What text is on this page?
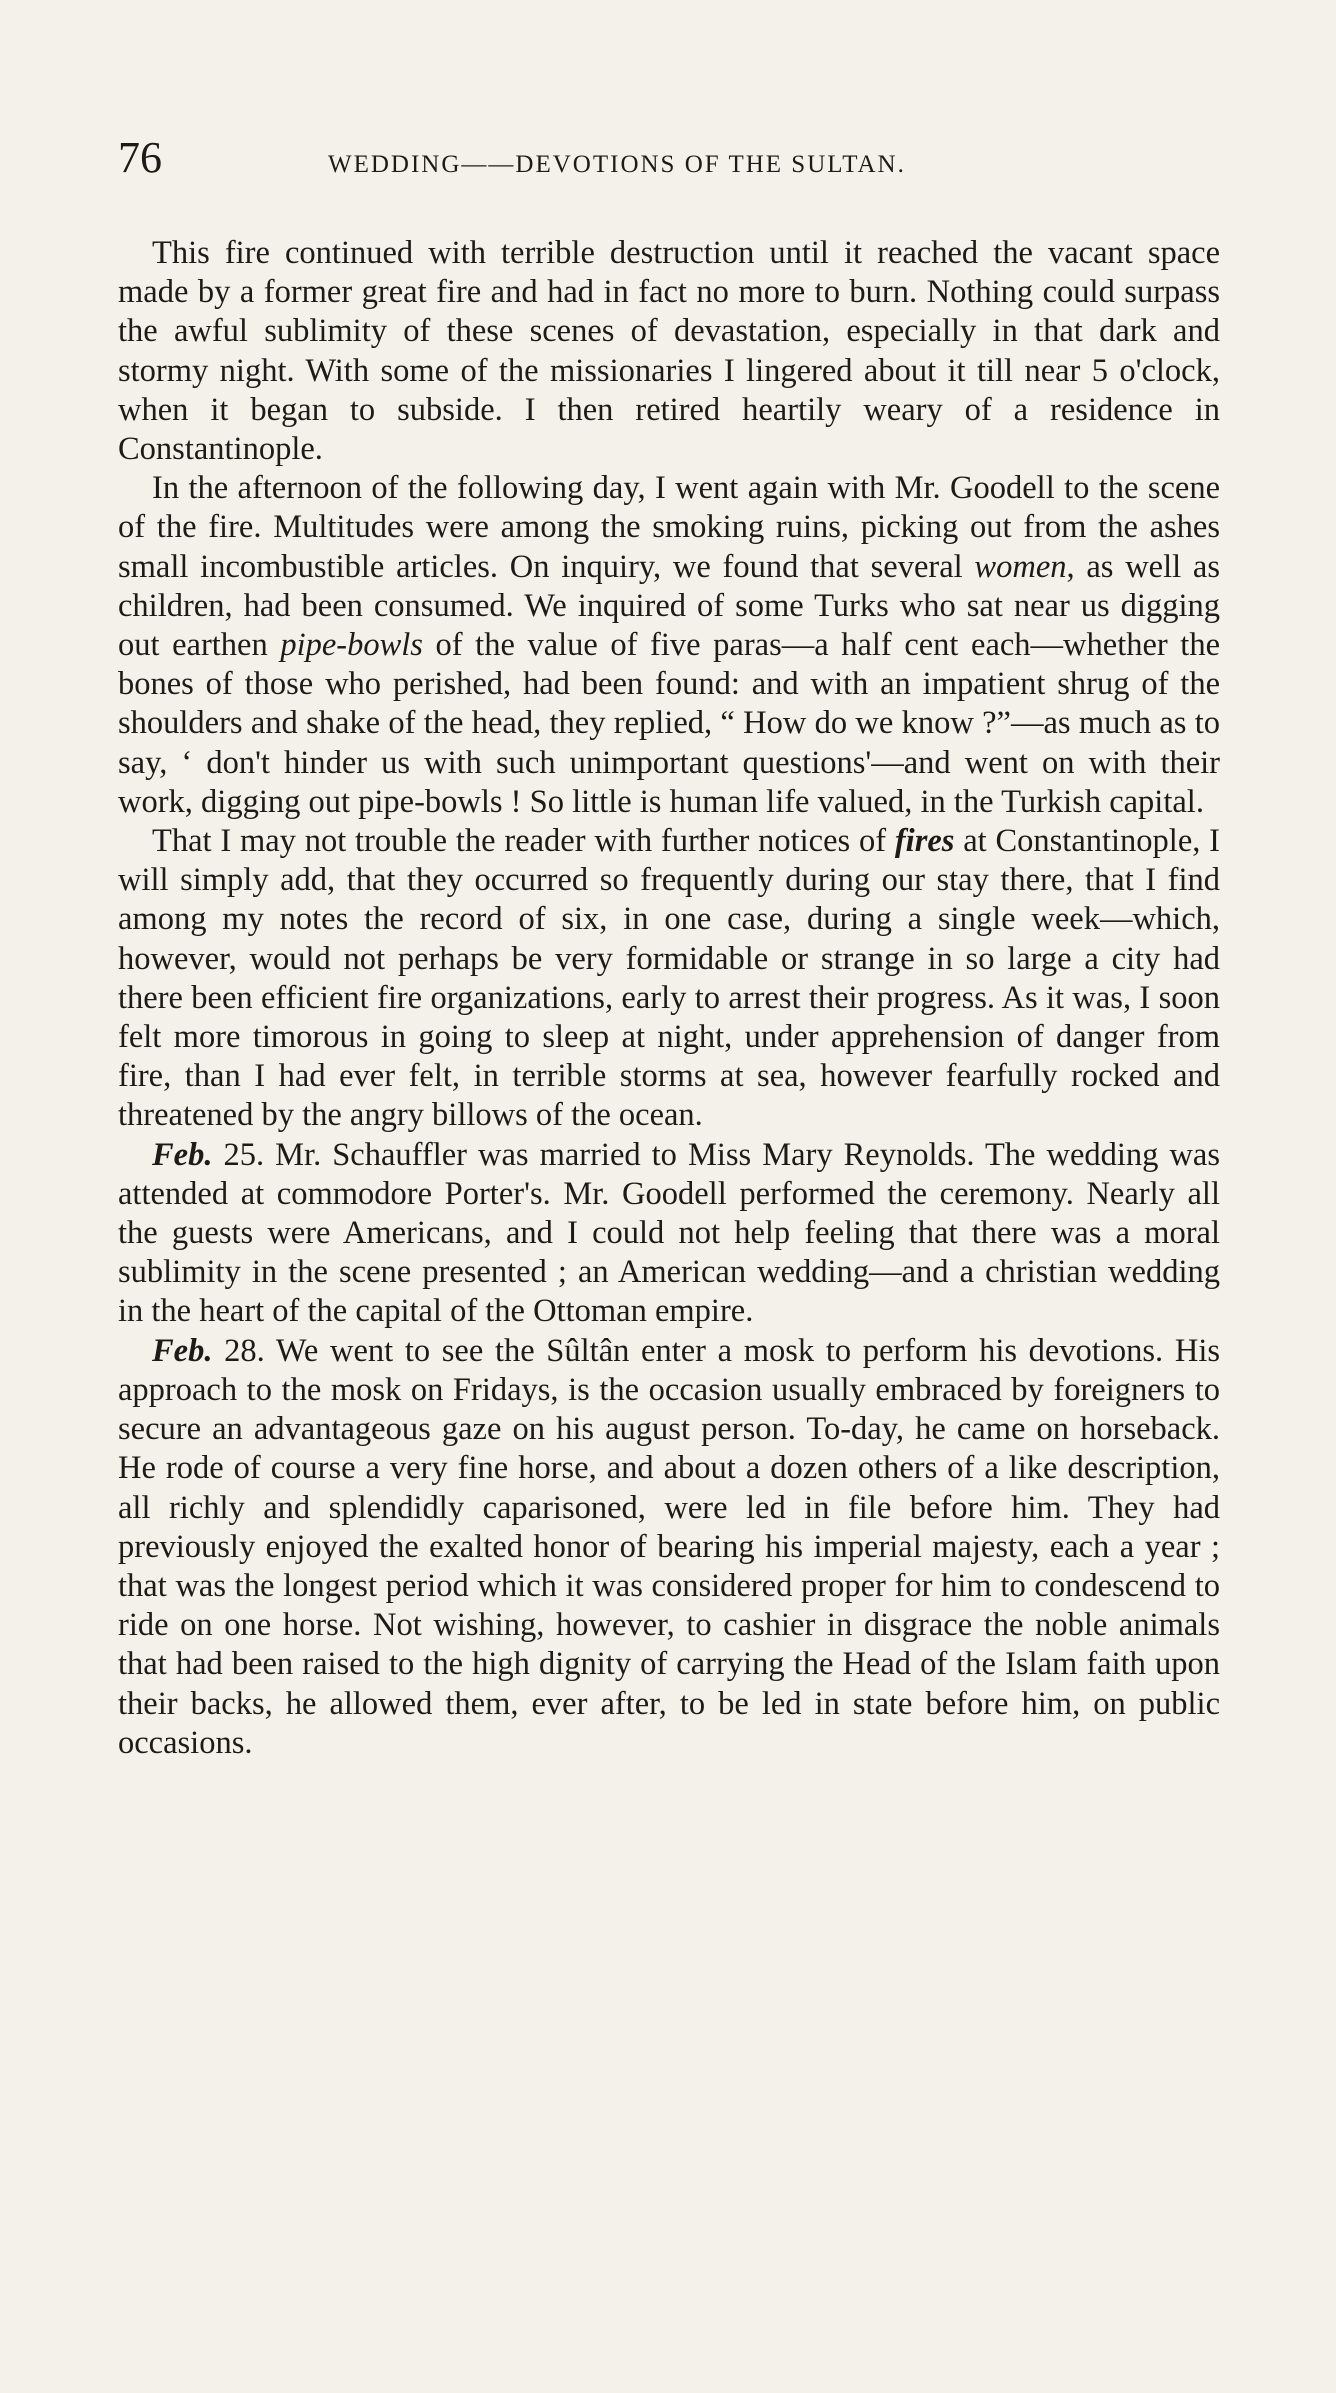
76	WEDDING——DEVOTIONS OF THE SULTAN.

This fire continued with terrible destruction until it reached the vacant space made by a former great fire and had in fact no more to burn. Nothing could surpass the awful sublimity of these scenes of devastation, especially in that dark and stormy night. With some of the missionaries I lingered about it till near 5 o'clock, when it began to subside. I then retired heartily weary of a residence in Constantinople.

In the afternoon of the following day, I went again with Mr. Goodell to the scene of the fire. Multitudes were among the smoking ruins, picking out from the ashes small incombustible articles. On inquiry, we found that several women, as well as children, had been consumed. We inquired of some Turks who sat near us digging out earthen pipe-bowls of the value of five paras—a half cent each—whether the bones of those who perished, had been found: and with an impatient shrug of the shoulders and shake of the head, they replied, “ How do we know ?”—as much as to say, ‘ don't hinder us with such unimportant questions'—and went on with their work, digging out pipe-bowls ! So little is human life valued, in the Turkish capital.

That I may not trouble the reader with further notices of fires at Constantinople, I will simply add, that they occurred so frequently during our stay there, that I find among my notes the record of six, in one case, during a single week—which, however, would not perhaps be very formidable or strange in so large a city had there been efficient fire organizations, early to arrest their progress. As it was, I soon felt more timorous in going to sleep at night, under apprehension of danger from fire, than I had ever felt, in terrible storms at sea, however fearfully rocked and threatened by the angry billows of the ocean.

Feb. 25. Mr. Schauffler was married to Miss Mary Reynolds. The wedding was attended at commodore Porter's. Mr. Goodell performed the ceremony. Nearly all the guests were Americans, and I could not help feeling that there was a moral sublimity in the scene presented ; an American wedding—and a christian wedding in the heart of the capital of the Ottoman empire.

Feb. 28. We went to see the Sûltân enter a mosk to perform his devotions. His approach to the mosk on Fridays, is the occasion usually embraced by foreigners to secure an advantageous gaze on his august person. To-day, he came on horseback. He rode of course a very fine horse, and about a dozen others of a like description, all richly and splendidly caparisoned, were led in file before him. They had previously enjoyed the exalted honor of bearing his imperial majesty, each a year ; that was the longest period which it was considered proper for him to condescend to ride on one horse. Not wishing, however, to cashier in disgrace the noble animals that had been raised to the high dignity of carrying the Head of the Islam faith upon their backs, he allowed them, ever after, to be led in state before him, on public occasions.
